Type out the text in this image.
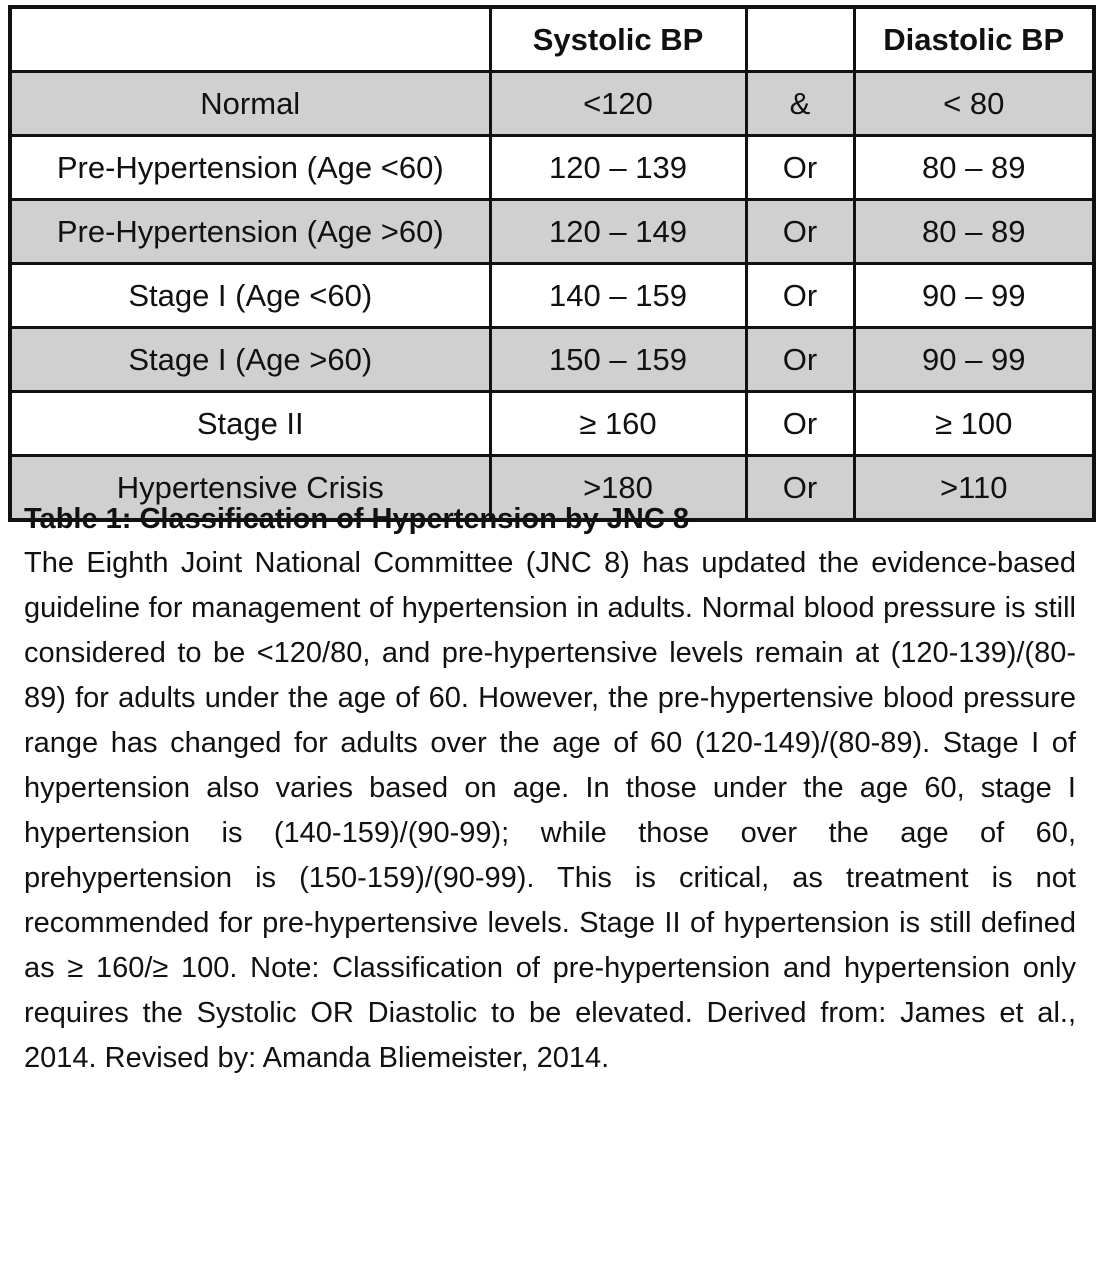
	Systolic BP		Diastolic BP
Normal	<120	&	< 80
Pre-Hypertension (Age <60)	120 – 139	Or	80 – 89
Pre-Hypertension (Age >60)	120 – 149	Or	80 – 89
Stage I (Age <60)	140 – 159	Or	90 – 99
Stage I (Age >60)	150 – 159	Or	90 – 99
Stage II	≥ 160	Or	≥ 100
Hypertensive Crisis	>180	Or	>110
Table 1: Classification of Hypertension by JNC 8
The Eighth Joint National Committee (JNC 8) has updated the evidence-based guideline for management of hypertension in adults. Normal blood pressure is still considered to be <120/80, and pre-hypertensive levels remain at (120-139)/(80-89) for adults under the age of 60. However, the pre-hypertensive blood pressure range has changed for adults over the age of 60 (120-149)/(80-89). Stage I of hypertension also varies based on age. In those under the age 60, stage I hypertension is (140-159)/(90-99); while those over the age of 60, prehypertension is (150-159)/(90-99). This is critical, as treatment is not recommended for pre-hypertensive levels. Stage II of hypertension is still defined as ≥ 160/≥ 100. Note: Classification of pre-hypertension and hypertension only requires the Systolic OR Diastolic to be elevated. Derived from: James et al., 2014. Revised by: Amanda Bliemeister, 2014.
